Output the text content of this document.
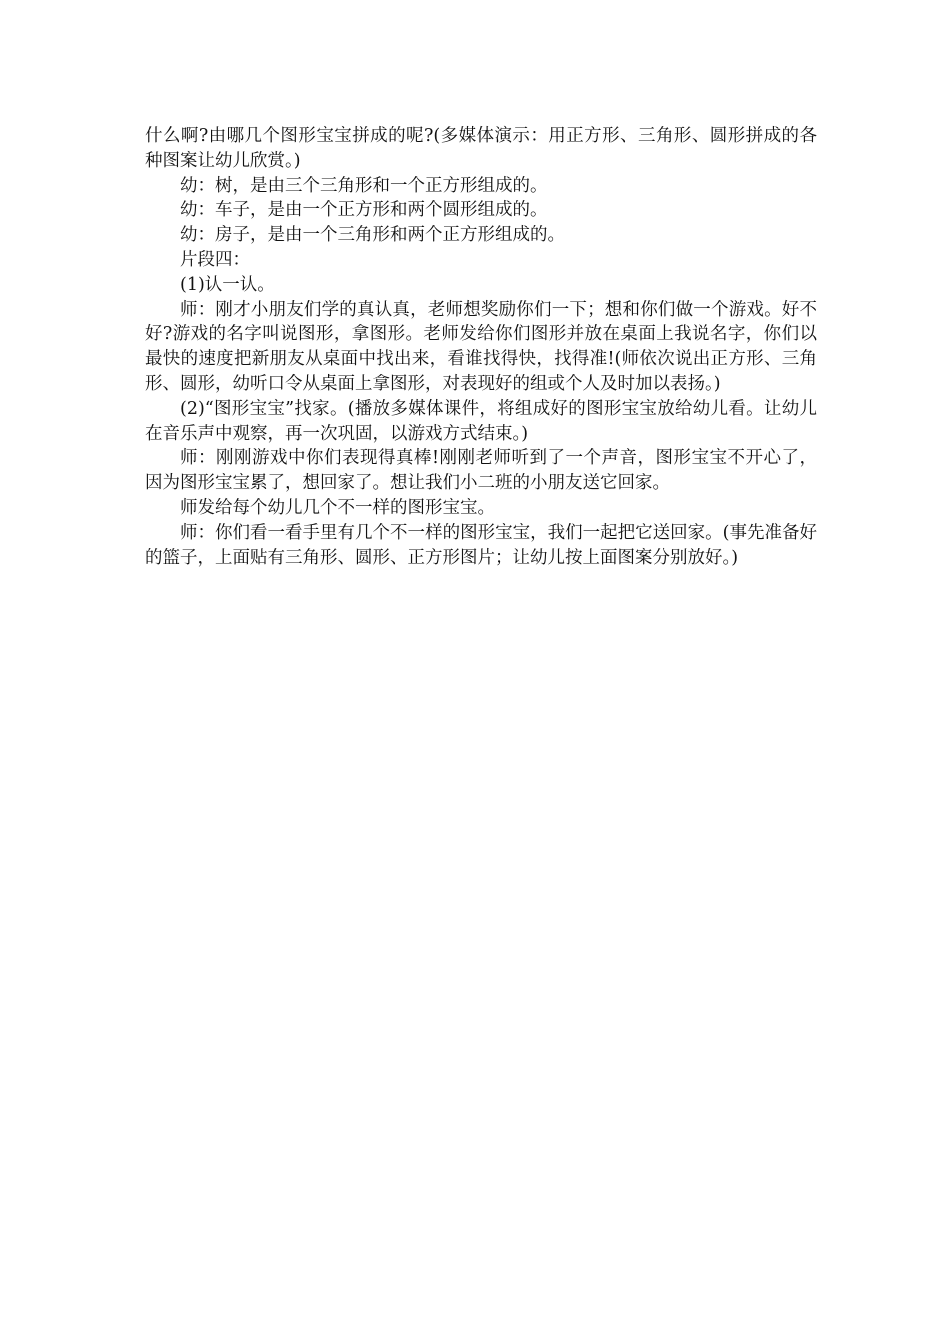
什么啊?由哪几个图形宝宝拼成的呢?(多媒体演示：用正方形、三角形、圆形拼成的各种图案让幼儿欣赏。)

幼：树，是由三个三角形和一个正方形组成的。

幼：车子，是由一个正方形和两个圆形组成的。

幼：房子，是由一个三角形和两个正方形组成的。

片段四：

(1)认一认。

师：刚才小朋友们学的真认真，老师想奖励你们一下；想和你们做一个游戏。好不好?游戏的名字叫说图形，拿图形。老师发给你们图形并放在桌面上我说名字，你们以最快的速度把新朋友从桌面中找出来，看谁找得快，找得准!(师依次说出正方形、三角形、圆形，幼听口令从桌面上拿图形，对表现好的组或个人及时加以表扬。)

(2)“图形宝宝”找家。(播放多媒体课件，将组成好的图形宝宝放给幼儿看。让幼儿在音乐声中观察，再一次巩固，以游戏方式结束。)

师：刚刚游戏中你们表现得真棒!刚刚老师听到了一个声音，图形宝宝不开心了，因为图形宝宝累了，想回家了。想让我们小二班的小朋友送它回家。

师发给每个幼儿几个不一样的图形宝宝。

师：你们看一看手里有几个不一样的图形宝宝，我们一起把它送回家。(事先准备好的篮子，上面贴有三角形、圆形、正方形图片；让幼儿按上面图案分别放好。)
